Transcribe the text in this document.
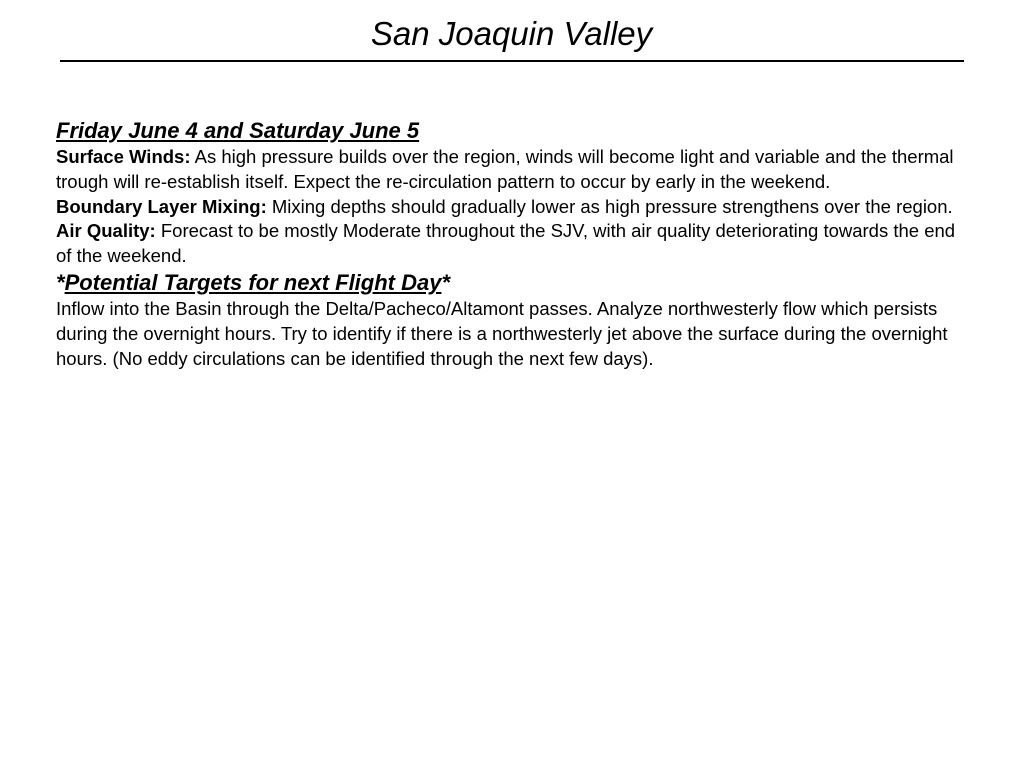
San Joaquin Valley
Friday June 4 and Saturday June 5

Surface Winds: As high pressure builds over the region, winds will become light and variable and the thermal trough will re-establish itself. Expect the re-circulation pattern to occur by early in the weekend.

Boundary Layer Mixing: Mixing depths should gradually lower as high pressure strengthens over the region.

Air Quality: Forecast to be mostly Moderate throughout the SJV, with air quality deteriorating towards the end of the weekend.

*Potential Targets for next Flight Day*

Inflow into the Basin through the Delta/Pacheco/Altamont passes. Analyze northwesterly flow which persists during the overnight hours. Try to identify if there is a northwesterly jet above the surface during the overnight hours. (No eddy circulations can be identified through the next few days).
